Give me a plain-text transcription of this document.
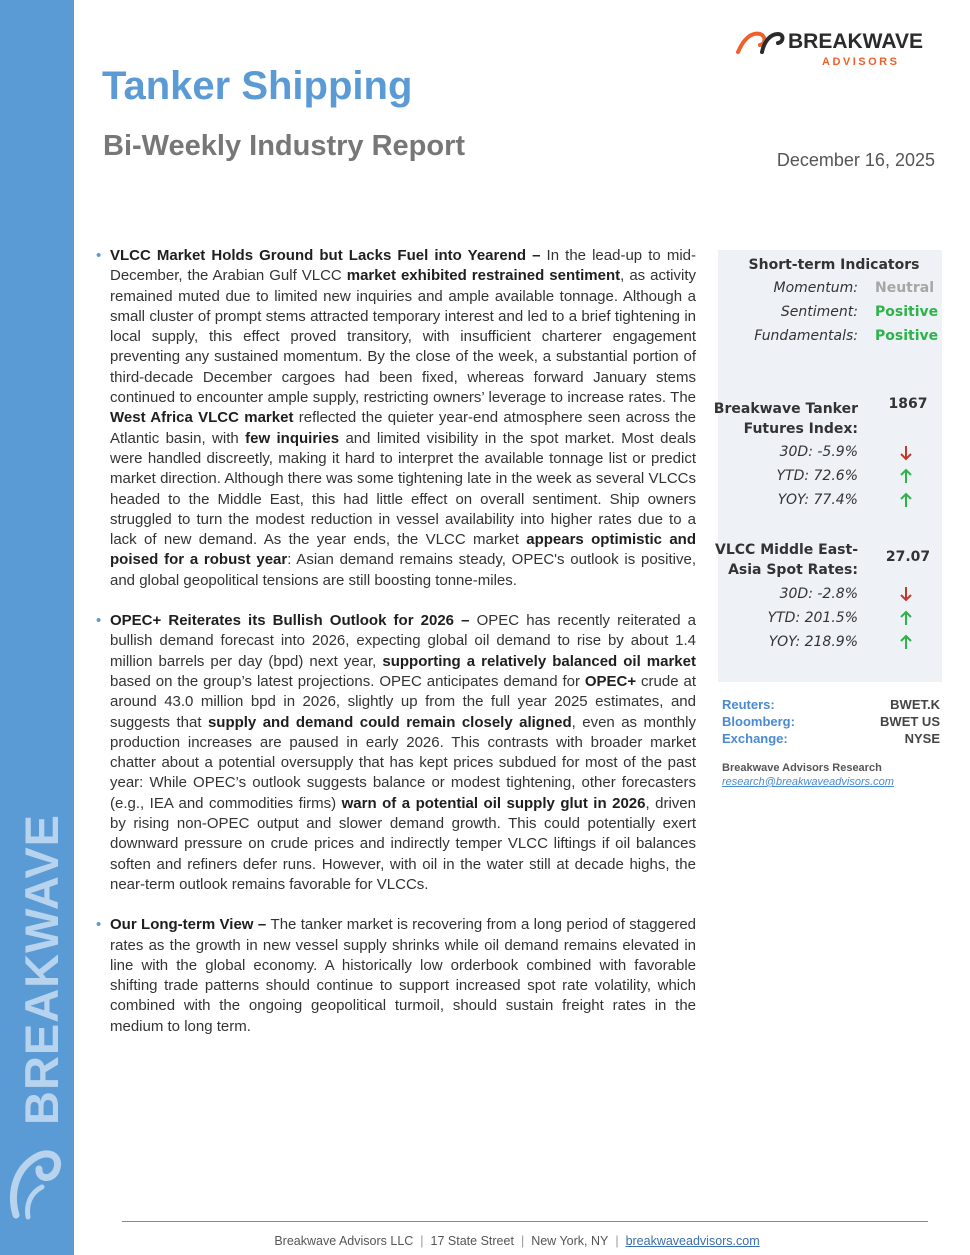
BREAKWAVE
BREAKWAVE
ADVISORS
Tanker Shipping
Bi-Weekly Industry Report	December 16, 2025
• VLCC Market Holds Ground but Lacks Fuel into Yearend – In the lead-up to mid-December, the Arabian Gulf VLCC market exhibited restrained sentiment, as activity remained muted due to limited new inquiries and ample available tonnage. Although a small cluster of prompt stems attracted temporary interest and led to a brief tightening in local supply, this effect proved transitory, with insufficient charterer engagement preventing any sustained momentum. By the close of the week, a substantial portion of third-decade December cargoes had been fixed, whereas forward January stems continued to encounter ample supply, restricting owners’ leverage to increase rates. The West Africa VLCC market reflected the quieter year-end atmosphere seen across the Atlantic basin, with few inquiries and limited visibility in the spot market. Most deals were handled discreetly, making it hard to interpret the available tonnage list or predict market direction. Although there was some tightening late in the week as several VLCCs headed to the Middle East, this had little effect on overall sentiment. Ship owners struggled to turn the modest reduction in vessel availability into higher rates due to a lack of new demand. As the year ends, the VLCC market appears optimistic and poised for a robust year: Asian demand remains steady, OPEC's outlook is positive, and global geopolitical tensions are still boosting tonne-miles.
• OPEC+ Reiterates its Bullish Outlook for 2026 – OPEC has recently reiterated a bullish demand forecast into 2026, expecting global oil demand to rise by about 1.4 million barrels per day (bpd) next year, supporting a relatively balanced oil market based on the group’s latest projections. OPEC anticipates demand for OPEC+ crude at around 43.0 million bpd in 2026, slightly up from the full year 2025 estimates, and suggests that supply and demand could remain closely aligned, even as monthly production increases are paused in early 2026. This contrasts with broader market chatter about a potential oversupply that has kept prices subdued for most of the past year: While OPEC’s outlook suggests balance or modest tightening, other forecasters (e.g., IEA and commodities firms) warn of a potential oil supply glut in 2026, driven by rising non-OPEC output and slower demand growth. This could potentially exert downward pressure on crude prices and indirectly temper VLCC liftings if oil balances soften and refiners defer runs. However, with oil in the water still at decade highs, the near-term outlook remains favorable for VLCCs.
• Our Long-term View – The tanker market is recovering from a long period of staggered rates as the growth in new vessel supply shrinks while oil demand remains elevated in line with the global economy. A historically low orderbook combined with favorable shifting trade patterns should continue to support increased spot rate volatility, which combined with the ongoing geopolitical turmoil, should sustain freight rates in the medium to long term.
Short-term Indicators
Momentum: Neutral
Sentiment: Positive
Fundamentals: Positive
Breakwave Tanker
Futures Index:
1867
30D: -5.9%
YTD: 72.6%
YOY: 77.4%
VLCC Middle East-
Asia Spot Rates:
27.07
30D: -2.8%
YTD: 201.5%
YOY: 218.9%
Reuters:	BWET.K
Bloomberg:	BWET US
Exchange:	NYSE
Breakwave Advisors Research
research@breakwaveadvisors.com
Breakwave Advisors LLC | 17 State Street | New York, NY | breakwaveadvisors.com
